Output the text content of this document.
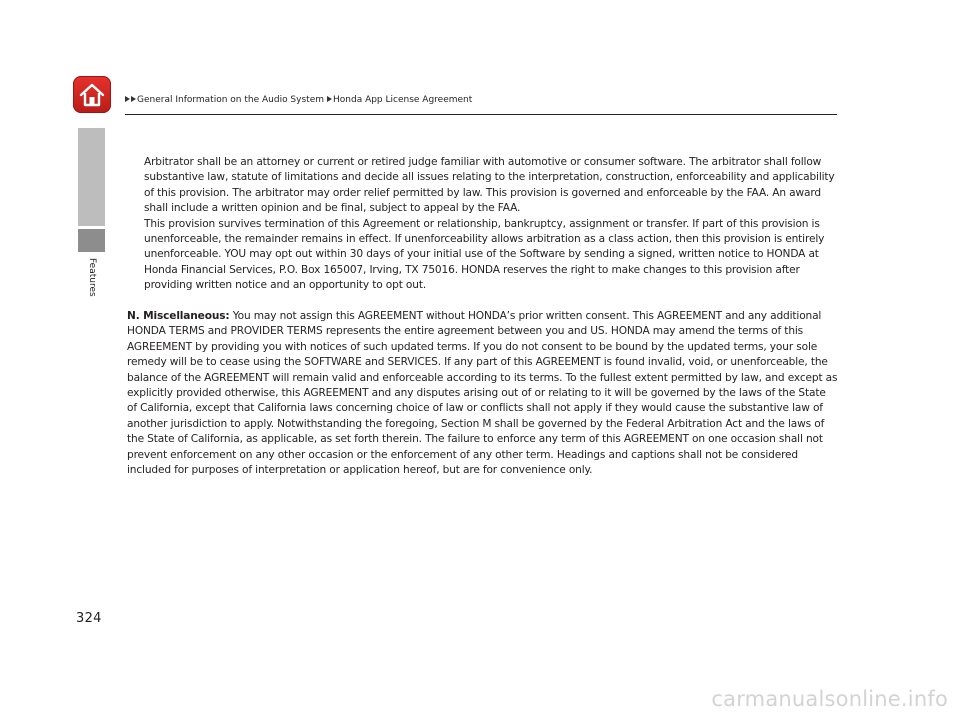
General Information on the Audio System Honda App License Agreement
Features

Arbitrator shall be an attorney or current or retired judge familiar with automotive or consumer software. The arbitrator shall follow substantive law, statute of limitations and decide all issues relating to the interpretation, construction, enforceability and applicability of this provision. The arbitrator may order relief permitted by law. This provision is governed and enforceable by the FAA. An award shall include a written opinion and be final, subject to appeal by the FAA.

This provision survives termination of this Agreement or relationship, bankruptcy, assignment or transfer. If part of this provision is unenforceable, the remainder remains in effect. If unenforceability allows arbitration as a class action, then this provision is entirely unenforceable. YOU may opt out within 30 days of your initial use of the Software by sending a signed, written notice to HONDA at Honda Financial Services, P.O. Box 165007, Irving, TX 75016. HONDA reserves the right to make changes to this provision after providing written notice and an opportunity to opt out.

N. Miscellaneous: You may not assign this AGREEMENT without HONDA’s prior written consent. This AGREEMENT and any additional HONDA TERMS and PROVIDER TERMS represents the entire agreement between you and US. HONDA may amend the terms of this AGREEMENT by providing you with notices of such updated terms. If you do not consent to be bound by the updated terms, your sole remedy will be to cease using the SOFTWARE and SERVICES. If any part of this AGREEMENT is found invalid, void, or unenforceable, the balance of the AGREEMENT will remain valid and enforceable according to its terms. To the fullest extent permitted by law, and except as explicitly provided otherwise, this AGREEMENT and any disputes arising out of or relating to it will be governed by the laws of the State of California, except that California laws concerning choice of law or conflicts shall not apply if they would cause the substantive law of another jurisdiction to apply. Notwithstanding the foregoing, Section M shall be governed by the Federal Arbitration Act and the laws of the State of California, as applicable, as set forth therein. The failure to enforce any term of this AGREEMENT on one occasion shall not prevent enforcement on any other occasion or the enforcement of any other term. Headings and captions shall not be considered included for purposes of interpretation or application hereof, but are for convenience only.

324
carmanualsonline.info
